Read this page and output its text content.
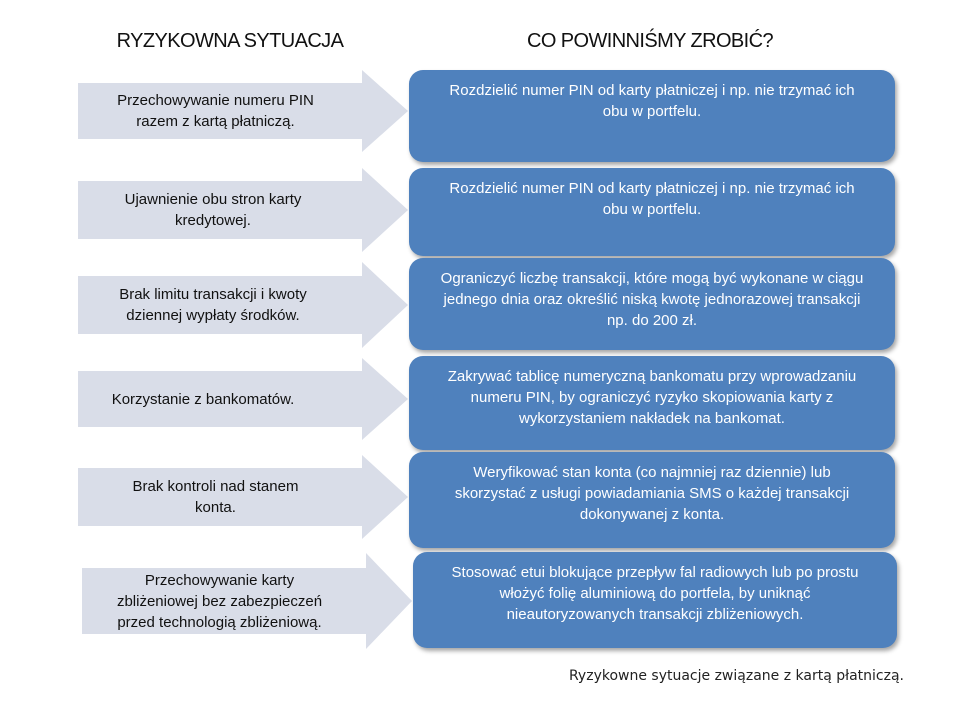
RYZYKOWNA SYTUACJA	CO POWINNIŚMY ZROBIĆ?
Przechowywanie numeru PIN
razem z kartą płatniczą.
Rozdzielić numer PIN od karty płatniczej i np. nie trzymać ich
obu w portfelu.
Ujawnienie obu stron karty
kredytowej.
Rozdzielić numer PIN od karty płatniczej i np. nie trzymać ich
obu w portfelu.
Brak limitu transakcji i kwoty
dziennej wypłaty środków.
Ograniczyć liczbę transakcji, które mogą być wykonane w ciągu
jednego dnia oraz określić niską kwotę jednorazowej transakcji
np. do 200 zł.
Korzystanie z bankomatów.
Zakrywać tablicę numeryczną bankomatu przy wprowadzaniu
numeru PIN, by ograniczyć ryzyko skopiowania karty z
wykorzystaniem nakładek na bankomat.
Brak kontroli nad stanem
konta.
Weryfikować stan konta (co najmniej raz dziennie) lub
skorzystać z usługi powiadamiania SMS o każdej transakcji
dokonywanej z konta.
Przechowywanie karty
zbliżeniowej bez zabezpieczeń
przed technologią zbliżeniową.
Stosować etui blokujące przepływ fal radiowych lub po prostu
włożyć folię aluminiową do portfela, by uniknąć
nieautoryzowanych transakcji zbliżeniowych.
Ryzykowne sytuacje związane z kartą płatniczą.
